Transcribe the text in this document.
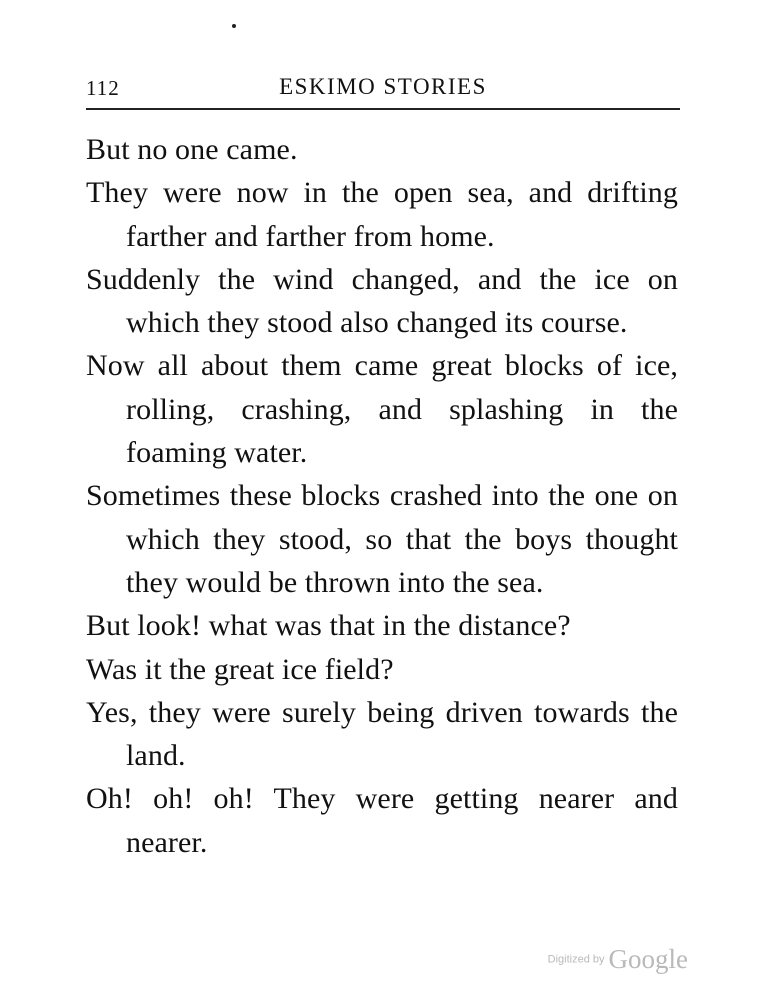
112	ESKIMO STORIES

But no one came.

They were now in the open sea, and drifting farther and farther from home.

Suddenly the wind changed, and the ice on which they stood also changed its course.

Now all about them came great blocks of ice, rolling, crashing, and splashing in the foaming water.

Sometimes these blocks crashed into the one on which they stood, so that the boys thought they would be thrown into the sea.

But look! what was that in the distance?

Was it the great ice field?

Yes, they were surely being driven towards the land.

Oh! oh! oh! They were getting nearer and nearer.

Digitized by Google
